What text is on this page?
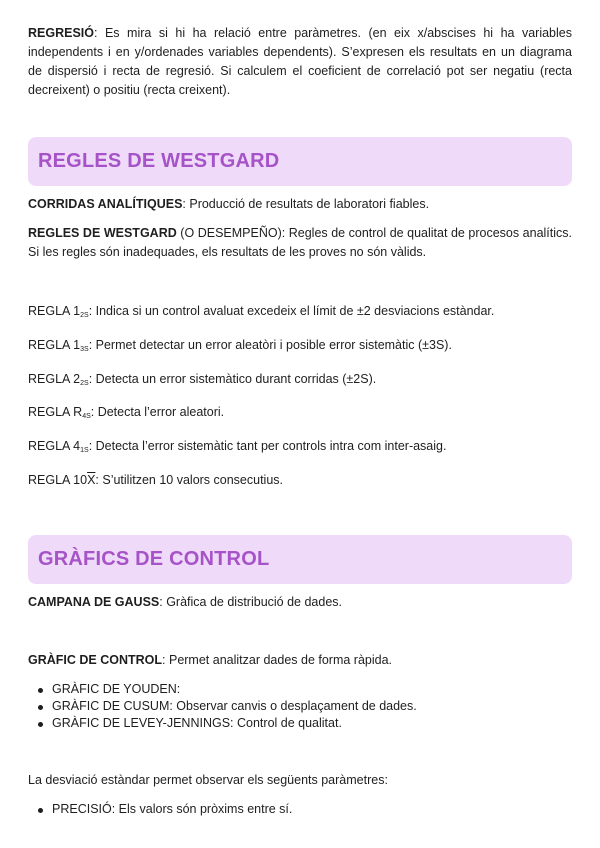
REGRESIÓ: Es mira si hi ha relació entre paràmetres. (en eix x/abscises hi ha variables independents i en y/ordenades variables dependents). S’expresen els resultats en un diagrama de dispersió i recta de regresió. Si calculem el coeficient de correlació pot ser negatiu (recta decreixent) o positiu (recta creixent).

REGLES DE WESTGARD

CORRIDAS ANALÍTIQUES: Producció de resultats de laboratori fiables.

REGLES DE WESTGARD (O DESEMPEÑO): Regles de control de qualitat de procesos analítics. Si les regles són inadequades, els resultats de les proves no són vàlids.

REGLA $1_{2S}$: Indica si un control avaluat excedeix el límit de ±2 desviacions estàndar.

REGLA $1_{3S}$: Permet detectar un error aleatòri i posible error sistemàtic (±3S).

REGLA $2_{2S}$: Detecta un error sistemàtico durant corridas (±2S).

REGLA $R_{4S}$: Detecta l’error aleatori.

REGLA $4_{1S}$: Detecta l’error sistemàtic tant per controls intra com inter-asaig.

REGLA $10\overline{X}$: S’utilitzen 10 valors consecutius.

GRÀFICS DE CONTROL

CAMPANA DE GAUSS: Gràfica de distribució de dades.

GRÀFIC DE CONTROL: Permet analitzar dades de forma ràpida.

GRÀFIC DE YOUDEN:
GRÀFIC DE CUSUM: Observar canvis o desplaçament de dades.
GRÀFIC DE LEVEY-JENNINGS: Control de qualitat.

La desviació estàndar permet observar els següents paràmetres:

PRECISIÓ: Els valors són pròxims entre sí.
